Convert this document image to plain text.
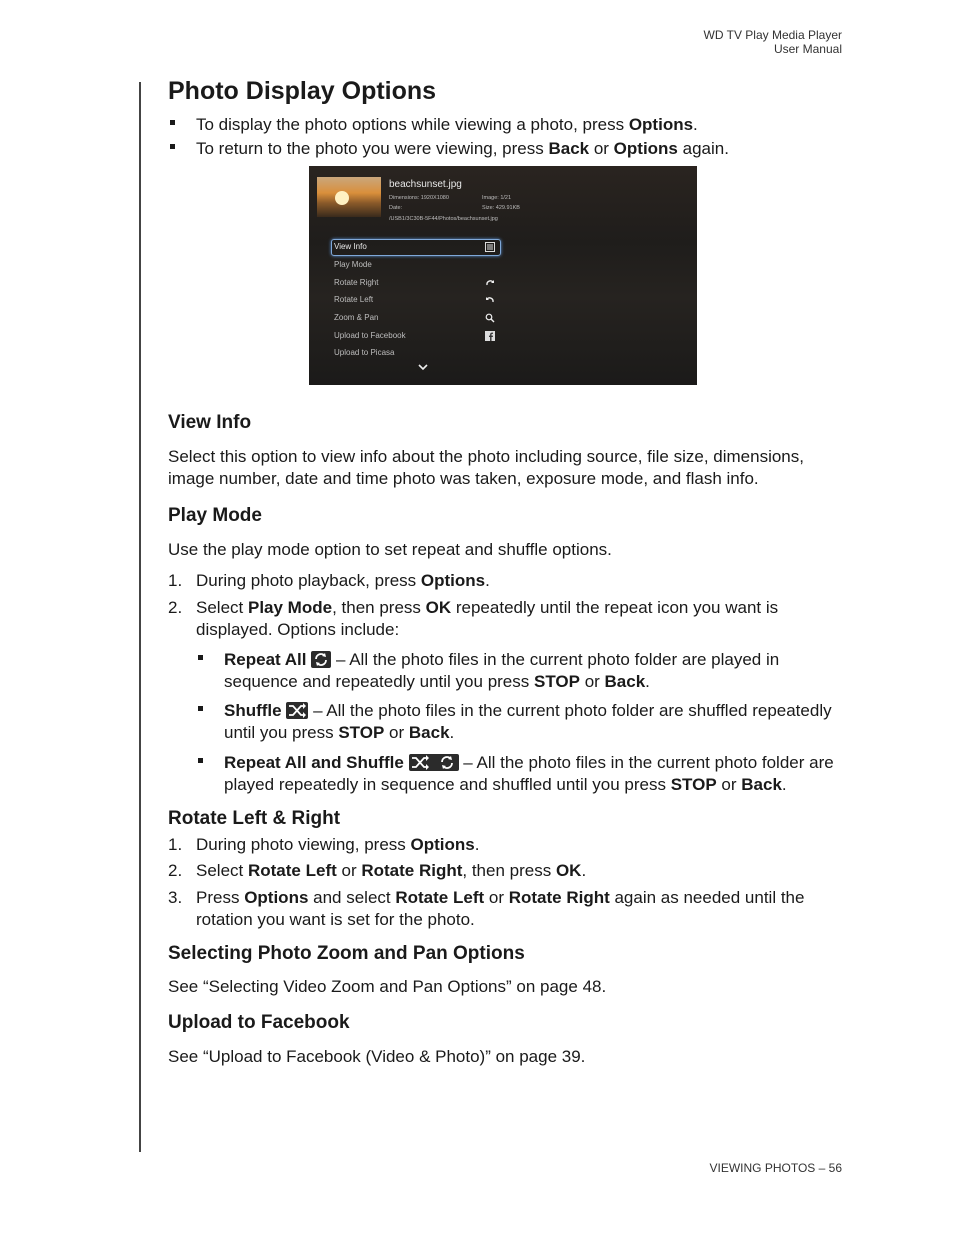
WD TV Play Media Player
User Manual
Photo Display Options

To display the photo options while viewing a photo, press Options.

To return to the photo you were viewing, press Back or Options again.

View Info

Select this option to view info about the photo including source, file size, dimensions, image number, date and time photo was taken, exposure mode, and flash info.

Play Mode

Use the play mode option to set repeat and shuffle options.

1. During photo playback, press Options.

2. Select Play Mode, then press OK repeatedly until the repeat icon you want is displayed. Options include:

Repeat All
– All the photo files in the current photo folder are played in sequence and repeatedly until you press STOP or Back.

Shuffle
– All the photo files in the current photo folder are shuffled repeatedly until you press STOP or Back.

Repeat All and Shuffle	– All the photo files in the current photo folder are played repeatedly in sequence and shuffled until you press STOP or Back.

Rotate Left & Right

1. During photo viewing, press Options.

2. Select Rotate Left or Rotate Right, then press OK.

3. Press Options and select Rotate Left or Rotate Right again as needed until the rotation you want is set for the photo.

Selecting Photo Zoom and Pan Options

See “Selecting Video Zoom and Pan Options” on page 48.

Upload to Facebook

See “Upload to Facebook (Video & Photo)” on page 39.

beachsunset.jpg
Dimensions: 1920X1080	Image: 1/21
Date:	Size: 429.91KB
/USB1/3C30B-5F44/Photos/beachsunset.jpg
View Info
Play Mode
Rotate Right
Rotate Left
Zoom & Pan
Upload to Facebook
Upload to Picasa
VIEWING PHOTOS – 56
